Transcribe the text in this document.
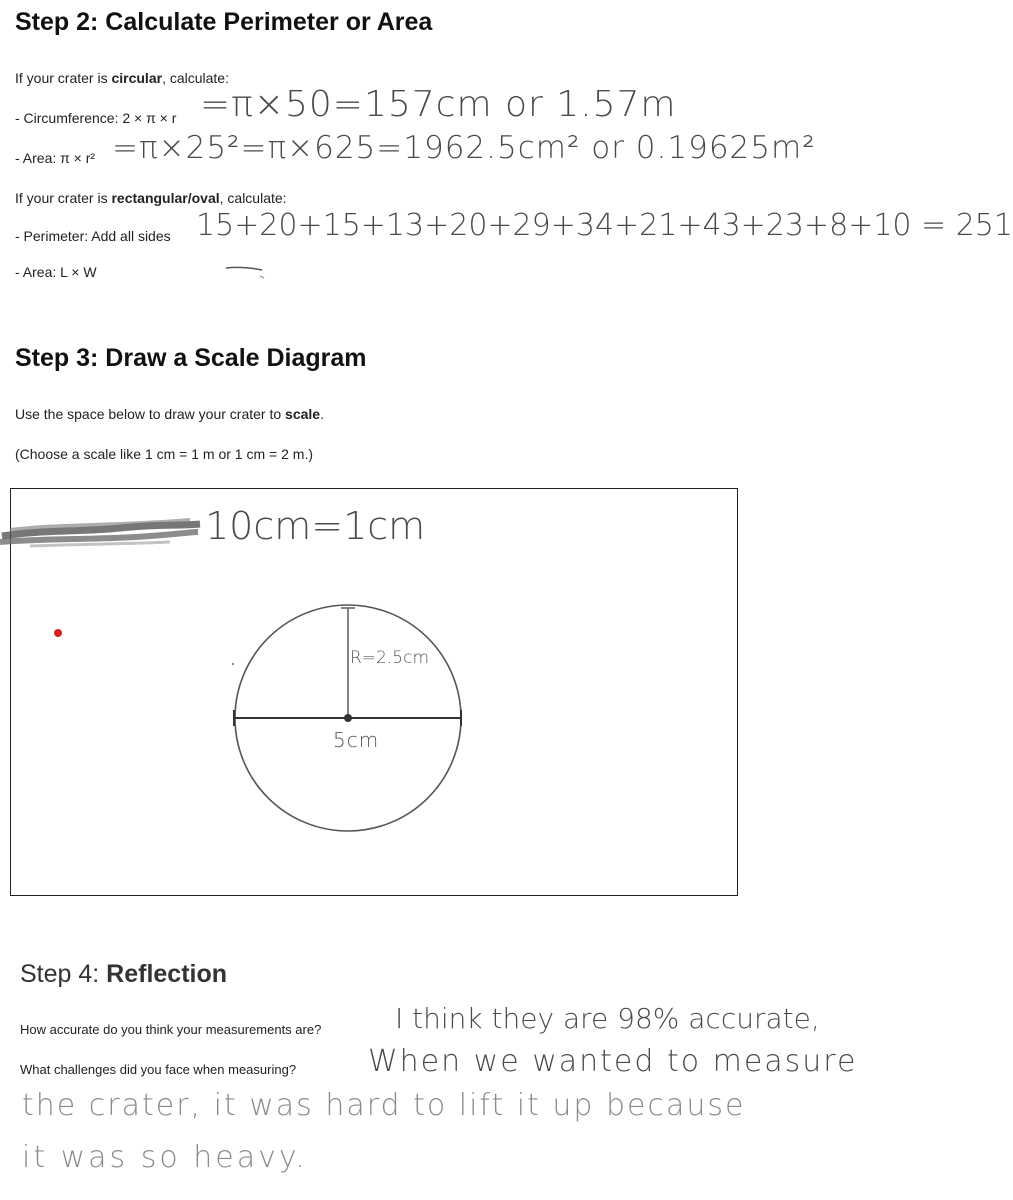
Step 2: Calculate Perimeter or Area
If your crater is circular, calculate:
- Circumference: 2 × π × r =π×50=157cm or 1.57m
- Area: π × r² =π×25²=π×625=1962.5cm² or 0.19625m²
If your crater is rectangular/oval, calculate:
- Perimeter: Add all sides 15+20+15+13+20+29+34+21+43+23+8+10 = 251
- Area: L × W
Step 3: Draw a Scale Diagram
Use the space below to draw your crater to scale.
(Choose a scale like 1 cm = 1 m or 1 cm = 2 m.)
10cm=1cm
R=2.5cm
5cm
Step 4: Reflection
How accurate do you think your measurements are?	I think they are 98% accurate,
What challenges did you face when measuring? When we wanted to measure
the crater, it was hard to lift it up because
it was so heavy.
